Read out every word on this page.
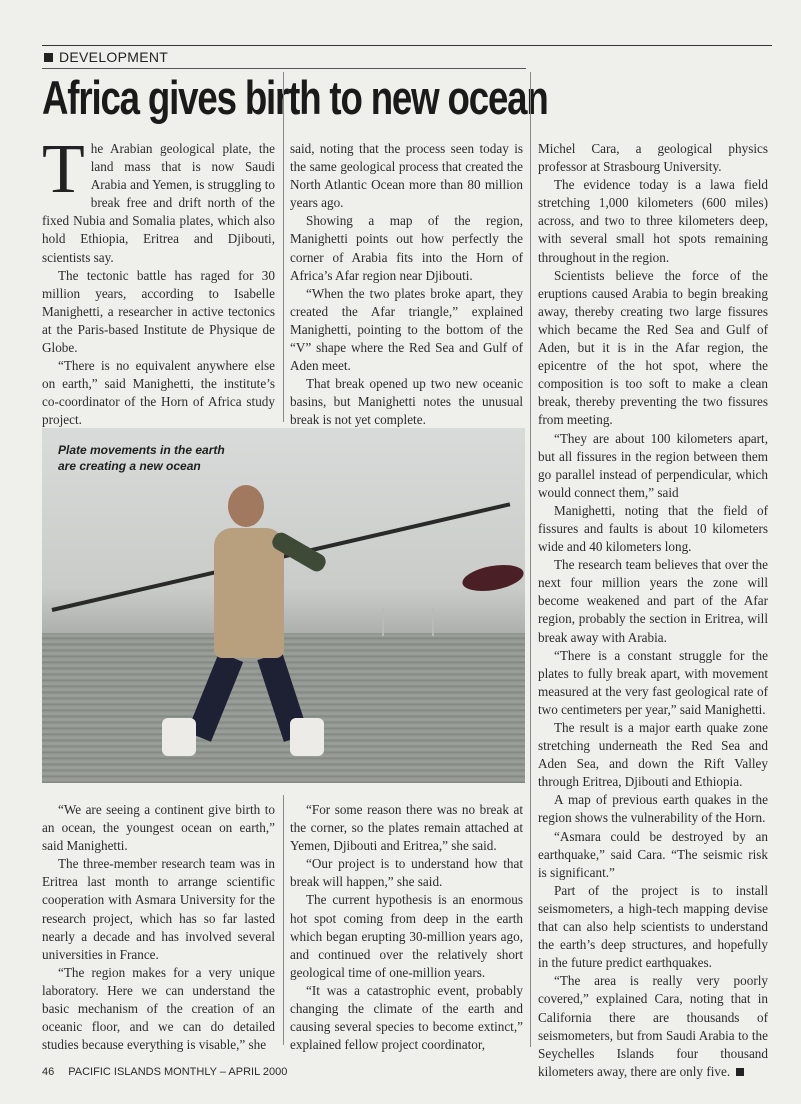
DEVELOPMENT
Africa gives birth to new ocean

The Arabian geological plate, the land mass that is now Saudi Arabia and Yemen, is struggling to break free and drift north of the fixed Nubia and Somalia plates, which also hold Ethiopia, Eritrea and Djibouti, scientists say.

The tectonic battle has raged for 30 million years, according to Isabelle Manighetti, a researcher in active tectonics at the Paris-based Institute de Physique de Globe.

“There is no equivalent anywhere else on earth,” said Manighetti, the institute’s co-coordinator of the Horn of Africa study project.

said, noting that the process seen today is the same geological process that created the North Atlantic Ocean more than 80 million years ago.

Showing a map of the region, Manighetti points out how perfectly the corner of Arabia fits into the Horn of Africa’s Afar region near Djibouti.

“When the two plates broke apart, they created the Afar triangle,” explained Manighetti, pointing to the bottom of the “V” shape where the Red Sea and Gulf of Aden meet.

That break opened up two new oceanic basins, but Manighetti notes the unusual break is not yet complete.

Plate movements in the earth are creating a new ocean

“We are seeing a continent give birth to an ocean, the youngest ocean on earth,” said Manighetti.

The three-member research team was in Eritrea last month to arrange scientific cooperation with Asmara University for the research project, which has so far lasted nearly a decade and has involved several universities in France.

“The region makes for a very unique laboratory. Here we can understand the basic mechanism of the creation of an oceanic floor, and we can do detailed studies because everything is visable,” she

“For some reason there was no break at the corner, so the plates remain attached at Yemen, Djibouti and Eritrea,” she said.

“Our project is to understand how that break will happen,” she said.

The current hypothesis is an enormous hot spot coming from deep in the earth which began erupting 30-million years ago, and continued over the relatively short geological time of one-million years.

“It was a catastrophic event, probably changing the climate of the earth and causing several species to become extinct,” explained fellow project coordinator,

Michel Cara, a geological physics professor at Strasbourg University.

The evidence today is a lawa field stretching 1,000 kilometers (600 miles) across, and two to three kilometers deep, with several small hot spots remaining throughout in the region.

Scientists believe the force of the eruptions caused Arabia to begin breaking away, thereby creating two large fissures which became the Red Sea and Gulf of Aden, but it is in the Afar region, the epicentre of the hot spot, where the composition is too soft to make a clean break, thereby preventing the two fissures from meeting.

“They are about 100 kilometers apart, but all fissures in the region between them go parallel instead of perpendicular, which would connect them,” said

Manighetti, noting that the field of fissures and faults is about 10 kilometers wide and 40 kilometers long.

The research team believes that over the next four million years the zone will become weakened and part of the Afar region, probably the section in Eritrea, will break away with Arabia.

“There is a constant struggle for the plates to fully break apart, with movement measured at the very fast geological rate of two centimeters per year,” said Manighetti.

The result is a major earth quake zone stretching underneath the Red Sea and Aden Sea, and down the Rift Valley through Eritrea, Djibouti and Ethiopia.

A map of previous earth quakes in the region shows the vulnerability of the Horn.

“Asmara could be destroyed by an earthquake,” said Cara. “The seismic risk is significant.”

Part of the project is to install seismometers, a high-tech mapping devise that can also help scientists to understand the earth’s deep structures, and hopefully in the future predict earthquakes.

“The area is really very poorly covered,” explained Cara, noting that in California there are thousands of seismometers, but from Saudi Arabia to the Seychelles Islands four thousand kilometers away, there are only five.

46 PACIFIC ISLANDS MONTHLY – APRIL 2000
